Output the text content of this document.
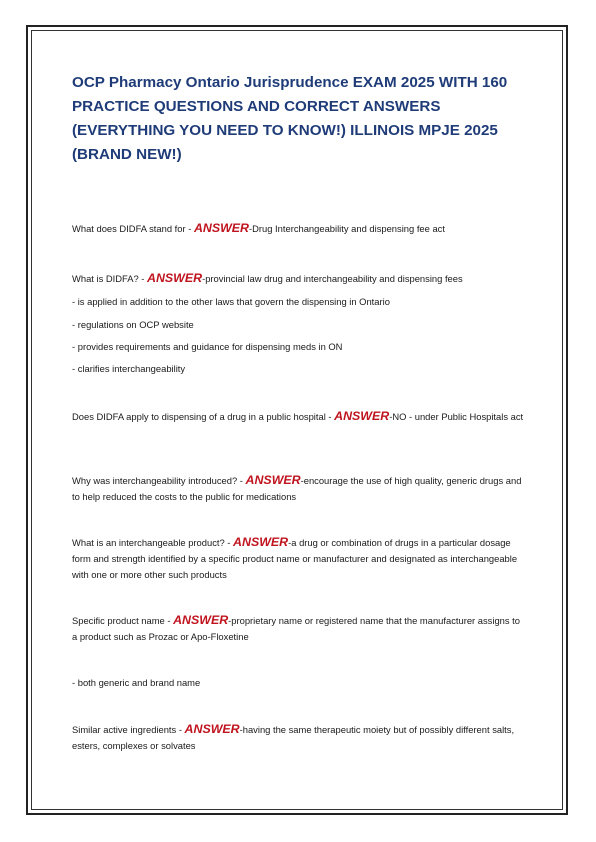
OCP Pharmacy Ontario Jurisprudence EXAM 2025 WITH 160 PRACTICE QUESTIONS AND CORRECT ANSWERS (EVERYTHING YOU NEED TO KNOW!) ILLINOIS MPJE 2025 (BRAND NEW!)

What does DIDFA stand for - ANSWER-Drug Interchangeability and dispensing fee act

What is DIDFA? - ANSWER-provincial law drug and interchangeability and dispensing fees

- is applied in addition to the other laws that govern the dispensing in Ontario

- regulations on OCP website

- provides requirements and guidance for dispensing meds in ON

- clarifies interchangeability

Does DIDFA apply to dispensing of a drug in a public hospital - ANSWER-NO - under Public Hospitals act

Why was interchangeability introduced? - ANSWER-encourage the use of high quality, generic drugs and to help reduced the costs to the public for medications

What is an interchangeable product? - ANSWER-a drug or combination of drugs in a particular dosage form and strength identified by a specific product name or manufacturer and designated as interchangeable with one or more other such products

Specific product name - ANSWER-proprietary name or registered name that the manufacturer assigns to a product such as Prozac or Apo-Floxetine

- both generic and brand name

Similar active ingredients - ANSWER-having the same therapeutic moiety but of possibly different salts, esters, complexes or solvates
